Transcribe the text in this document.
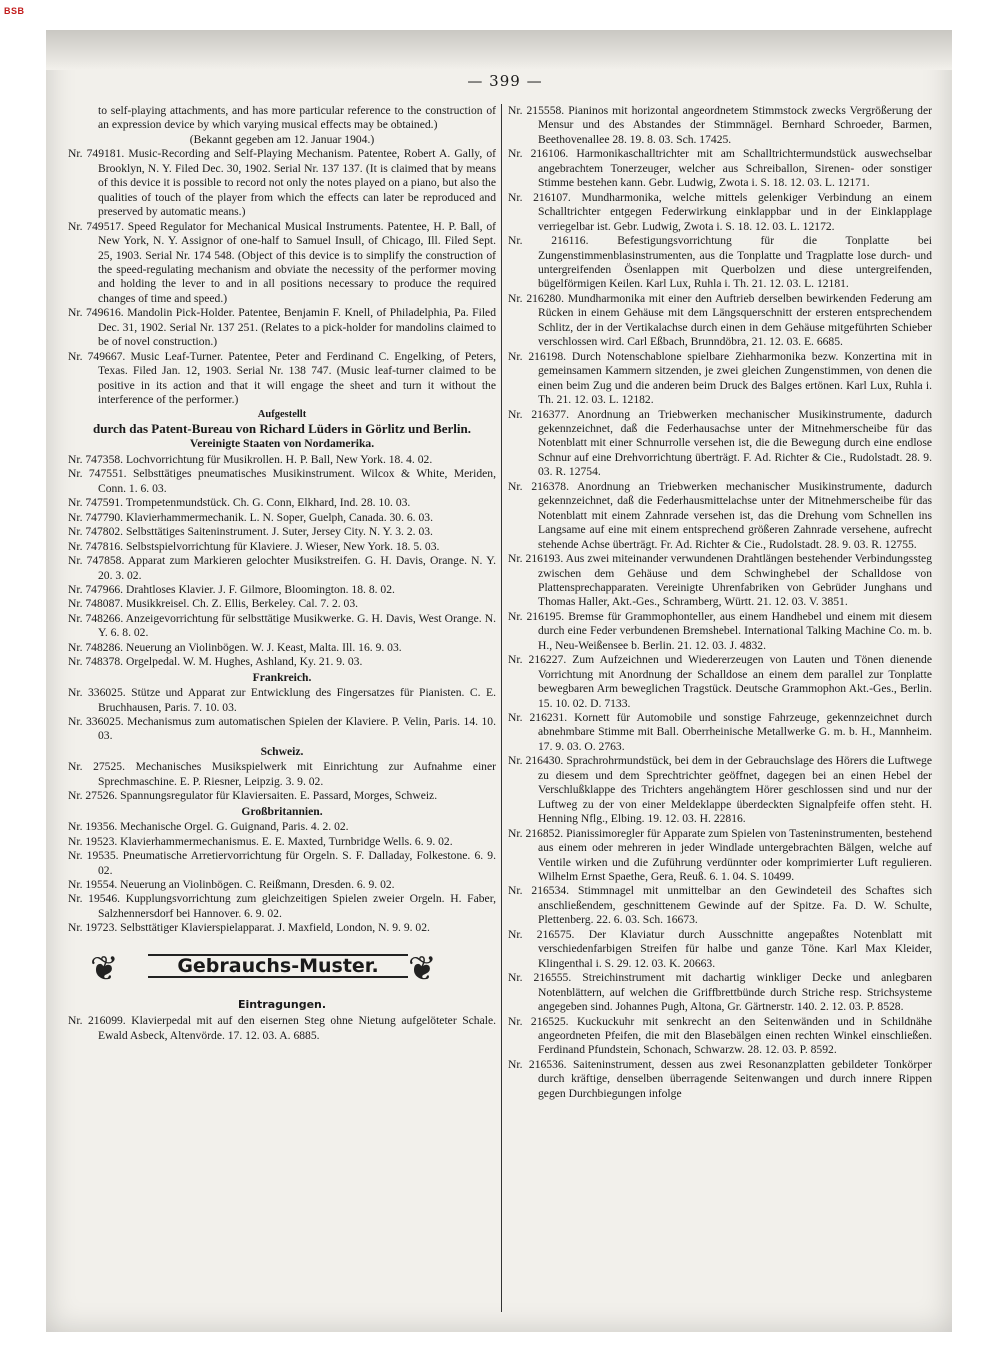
BSB
— 399 —

to self-playing attachments, and has more particular reference to the construction of an expression device by which varying musical effects may be obtained.)

(Bekannt gegeben am 12. Januar 1904.)

Nr. 749181. Music-Recording and Self-Playing Mechanism. Patentee, Robert A. Gally, of Brooklyn, N. Y. Filed Dec. 30, 1902. Serial Nr. 137 137. (It is claimed that by means of this device it is possible to record not only the notes played on a piano, but also the qualities of touch of the player from which the effects can later be reproduced and preserved by automatic means.)

Nr. 749517. Speed Regulator for Mechanical Musical Instruments. Patentee, H. P. Ball, of New York, N. Y. Assignor of one-half to Samuel Insull, of Chicago, Ill. Filed Sept. 25, 1903. Serial Nr. 174 548. (Object of this device is to simplify the construction of the speed-regulating mechanism and obviate the necessity of the performer moving and holding the lever to and in all positions necessary to produce the required changes of time and speed.)

Nr. 749616. Mandolin Pick-Holder. Patentee, Benjamin F. Knell, of Philadelphia, Pa. Filed Dec. 31, 1902. Serial Nr. 137 251. (Relates to a pick-holder for mandolins claimed to be of novel construction.)

Nr. 749667. Music Leaf-Turner. Patentee, Peter and Ferdinand C. Engelking, of Peters, Texas. Filed Jan. 12, 1903. Serial Nr. 138 747. (Music leaf-turner claimed to be positive in its action and that it will engage the sheet and turn it without the interference of the performer.)

Aufgestellt

durch das Patent-Bureau von Richard Lüders in Görlitz und Berlin.

Vereinigte Staaten von Nordamerika.

Nr. 747358. Lochvorrichtung für Musikrollen. H. P. Ball, New York. 18. 4. 02.

Nr. 747551. Selbsttätiges pneumatisches Musikinstrument. Wilcox & White, Meriden, Conn. 1. 6. 03.

Nr. 747591. Trompetenmundstück. Ch. G. Conn, Elkhard, Ind. 28. 10. 03.

Nr. 747790. Klavierhammermechanik. L. N. Soper, Guelph, Canada. 30. 6. 03.

Nr. 747802. Selbsttätiges Saiteninstrument. J. Suter, Jersey City. N. Y. 3. 2. 03.

Nr. 747816. Selbstspielvorrichtung für Klaviere. J. Wieser, New York. 18. 5. 03.

Nr. 747858. Apparat zum Markieren gelochter Musikstreifen. G. H. Davis, Orange. N. Y. 20. 3. 02.

Nr. 747966. Drahtloses Klavier. J. F. Gilmore, Bloomington. 18. 8. 02.

Nr. 748087. Musikkreisel. Ch. Z. Ellis, Berkeley. Cal. 7. 2. 03.

Nr. 748266. Anzeigevorrichtung für selbsttätige Musikwerke. G. H. Davis, West Orange. N. Y. 6. 8. 02.

Nr. 748286. Neuerung an Violinbögen. W. J. Keast, Malta. Ill. 16. 9. 03.

Nr. 748378. Orgelpedal. W. M. Hughes, Ashland, Ky. 21. 9. 03.

Frankreich.

Nr. 336025. Stütze und Apparat zur Entwicklung des Fingersatzes für Pianisten. C. E. Bruchhausen, Paris. 7. 10. 03.

Nr. 336025. Mechanismus zum automatischen Spielen der Klaviere. P. Velin, Paris. 14. 10. 03.

Schweiz.

Nr. 27525. Mechanisches Musikspielwerk mit Einrichtung zur Aufnahme einer Sprechmaschine. E. P. Riesner, Leipzig. 3. 9. 02.

Nr. 27526. Spannungsregulator für Klaviersaiten. E. Passard, Morges, Schweiz.

Großbritannien.

Nr. 19356. Mechanische Orgel. G. Guignand, Paris. 4. 2. 02.

Nr. 19523. Klavierhammermechanismus. E. E. Maxted, Turnbridge Wells. 6. 9. 02.

Nr. 19535. Pneumatische Arretiervorrichtung für Orgeln. S. F. Dalladay, Folkestone. 6. 9. 02.

Nr. 19554. Neuerung an Violinbögen. C. Reißmann, Dresden. 6. 9. 02.

Nr. 19546. Kupplungsvorrichtung zum gleichzeitigen Spielen zweier Orgeln. H. Faber, Salzhennersdorf bei Hannover. 6. 9. 02.

Nr. 19723. Selbsttätiger Klavierspielapparat. J. Maxfield, London, N. 9. 9. 02.

❦	Gebrauchs-Muster. ❦

Eintragungen.

Nr. 216099. Klavierpedal mit auf den eisernen Steg ohne Nietung aufgelöteter Schale. Ewald Asbeck, Altenvörde. 17. 12. 03. A. 6885.

Nr. 215558. Pianinos mit horizontal angeordnetem Stimmstock zwecks Vergrößerung der Mensur und des Abstandes der Stimmnägel. Bernhard Schroeder, Barmen, Beethovenallee 28. 19. 8. 03. Sch. 17425.

Nr. 216106. Harmonikaschalltrichter mit am Schalltrichtermundstück auswechselbar angebrachtem Tonerzeuger, welcher aus Schreiballon, Sirenen- oder sonstiger Stimme bestehen kann. Gebr. Ludwig, Zwota i. S. 18. 12. 03. L. 12171.

Nr. 216107. Mundharmonika, welche mittels gelenkiger Verbindung an einem Schalltrichter entgegen Federwirkung einklappbar und in der Einklapplage verriegelbar ist. Gebr. Ludwig, Zwota i. S. 18. 12. 03. L. 12172.

Nr. 216116. Befestigungsvorrichtung für die Tonplatte bei Zungenstimmenblasinstrumenten, aus die Tonplatte und Tragplatte lose durch- und untergreifenden Ösenlappen mit Querbolzen und diese untergreifenden, bügelförmigen Keilen. Karl Lux, Ruhla i. Th. 21. 12. 03. L. 12181.

Nr. 216280. Mundharmonika mit einer den Auftrieb derselben bewirkenden Federung am Rücken in einem Gehäuse mit dem Längsquerschnitt der ersteren entsprechendem Schlitz, der in der Vertikalachse durch einen in dem Gehäuse mitgeführten Schieber verschlossen wird. Carl Eßbach, Brunndöbra, 21. 12. 03. E. 6685.

Nr. 216198. Durch Notenschablone spielbare Ziehharmonika bezw. Konzertina mit in gemeinsamen Kammern sitzenden, je zwei gleichen Zungenstimmen, von denen die einen beim Zug und die anderen beim Druck des Balges ertönen. Karl Lux, Ruhla i. Th. 21. 12. 03. L. 12182.

Nr. 216377. Anordnung an Triebwerken mechanischer Musikinstrumente, dadurch gekennzeichnet, daß die Federhausachse unter der Mitnehmerscheibe für das Notenblatt mit einer Schnurrolle versehen ist, die die Bewegung durch eine endlose Schnur auf eine Drehvorrichtung überträgt. F. Ad. Richter & Cie., Rudolstadt. 28. 9. 03. R. 12754.

Nr. 216378. Anordnung an Triebwerken mechanischer Musikinstrumente, dadurch gekennzeichnet, daß die Federhausmittelachse unter der Mitnehmerscheibe für das Notenblatt mit einem Zahnrade versehen ist, das die Drehung vom Schnellen ins Langsame auf eine mit einem entsprechend größeren Zahnrade versehene, aufrecht stehende Achse überträgt. Fr. Ad. Richter & Cie., Rudolstadt. 28. 9. 03. R. 12755.

Nr. 216193. Aus zwei miteinander verwundenen Drahtlängen bestehender Verbindungssteg zwischen dem Gehäuse und dem Schwinghebel der Schalldose von Plattensprechapparaten. Vereinigte Uhrenfabriken von Gebrüder Junghans und Thomas Haller, Akt.-Ges., Schramberg, Württ. 21. 12. 03. V. 3851.

Nr. 216195. Bremse für Grammophonteller, aus einem Handhebel und einem mit diesem durch eine Feder verbundenen Bremshebel. International Talking Machine Co. m. b. H., Neu-Weißensee b. Berlin. 21. 12. 03. J. 4832.

Nr. 216227. Zum Aufzeichnen und Wiedererzeugen von Lauten und Tönen dienende Vorrichtung mit Anordnung der Schalldose an einem dem parallel zur Tonplatte bewegbaren Arm beweglichen Tragstück. Deutsche Grammophon Akt.-Ges., Berlin. 15. 10. 02. D. 7133.

Nr. 216231. Kornett für Automobile und sonstige Fahrzeuge, gekennzeichnet durch abnehmbare Stimme mit Ball. Oberrheinische Metallwerke G. m. b. H., Mannheim. 17. 9. 03. O. 2763.

Nr. 216430. Sprachrohrmundstück, bei dem in der Gebrauchslage des Hörers die Luftwege zu diesem und dem Sprechtrichter geöffnet, dagegen bei an einen Hebel der Verschlußklappe des Trichters angehängtem Hörer geschlossen sind und nur der Luftweg zu der von einer Meldeklappe überdeckten Signalpfeife offen steht. H. Henning Nflg., Elbing. 19. 12. 03. H. 22816.

Nr. 216852. Pianissimoregler für Apparate zum Spielen von Tasteninstrumenten, bestehend aus einem oder mehreren in jeder Windlade untergebrachten Bälgen, welche auf Ventile wirken und die Zuführung verdünnter oder komprimierter Luft regulieren. Wilhelm Ernst Spaethe, Gera, Reuß. 6. 1. 04. S. 10499.

Nr. 216534. Stimmnagel mit unmittelbar an den Gewindeteil des Schaftes sich anschließendem, geschnittenem Gewinde auf der Spitze. Fa. D. W. Schulte, Plettenberg. 22. 6. 03. Sch. 16673.

Nr. 216575. Der Klaviatur durch Ausschnitte angepaßtes Notenblatt mit verschiedenfarbigen Streifen für halbe und ganze Töne. Karl Max Kleider, Klingenthal i. S. 29. 12. 03. K. 20663.

Nr. 216555. Streichinstrument mit dachartig winkliger Decke und anlegbaren Notenblättern, auf welchen die Griffbrettbünde durch Striche resp. Strichsysteme angegeben sind. Johannes Pugh, Altona, Gr. Gärtnerstr. 140. 2. 12. 03. P. 8528.

Nr. 216525. Kuckuckuhr mit senkrecht an den Seitenwänden und in Schildnähe angeordneten Pfeifen, die mit den Blasebälgen einen rechten Winkel einschließen. Ferdinand Pfundstein, Schonach, Schwarzw. 28. 12. 03. P. 8592.

Nr. 216536. Saiteninstrument, dessen aus zwei Resonanzplatten gebildeter Tonkörper durch kräftige, denselben überragende Seitenwangen und durch innere Rippen gegen Durchbiegungen infolge
